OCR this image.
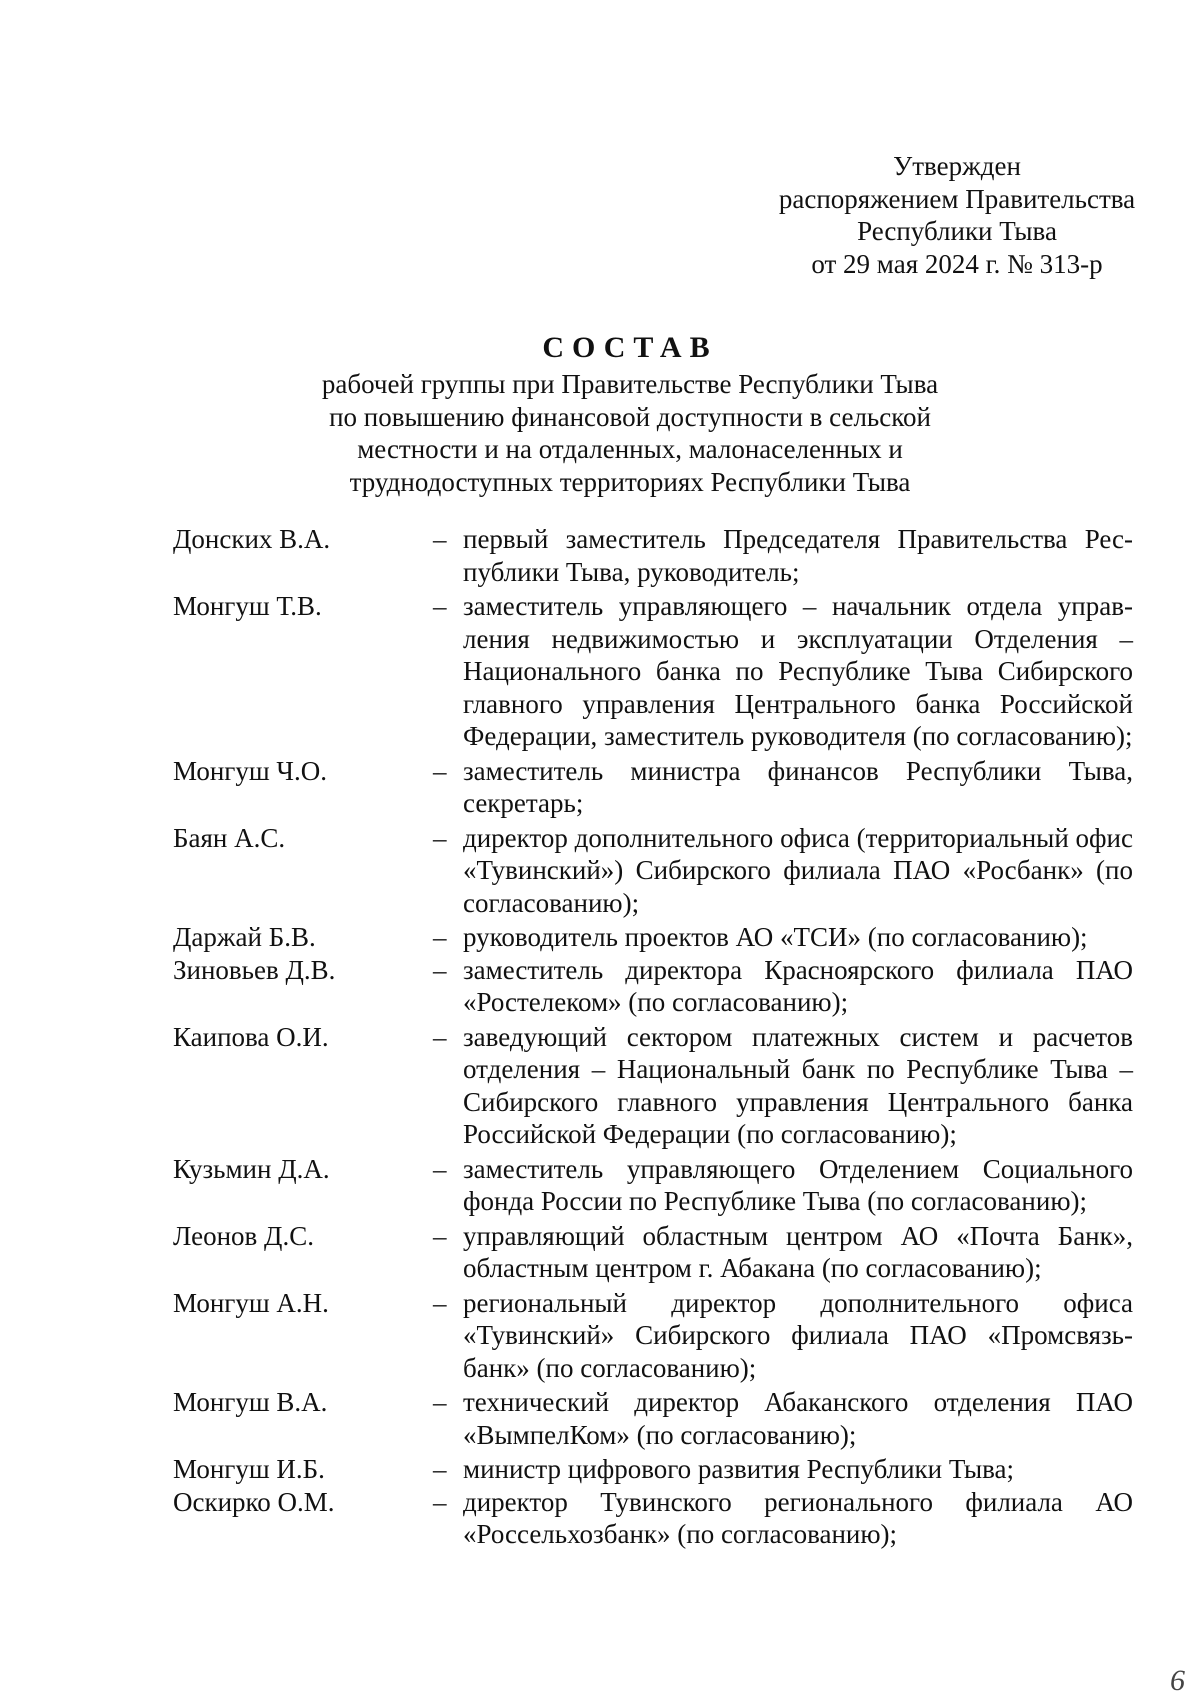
Утвержден
распоряжением Правительства
Республики Тыва
от 29 мая 2024 г. № 313-р
СОСТАВ
рабочей группы при Правительстве Республики Тыва
по повышению финансовой доступности в сельской
местности и на отдаленных, малонаселенных и
труднодоступных территориях Республики Тыва
Донских В.А.	– первый заместитель Председателя Правительства Республики Тыва, руководитель;
Монгуш Т.В.	– заместитель управляющего – начальник отдела управления недвижимостью и эксплуатации Отделения – Национального банка по Республике Тыва Сибирского главного управления Центрального банка Российской Федерации, заместитель руководителя (по согласованию);
Монгуш Ч.О.	– заместитель министра финансов Республики Тыва, секретарь;
Баян А.С.	– директор дополнительного офиса (территориальный офис «Тувинский») Сибирского филиала ПАО «Росбанк» (по согласованию);
Даржай Б.В.	– руководитель проектов АО «ТСИ» (по согласованию);
Зиновьев Д.В.	– заместитель директора Красноярского филиала ПАО «Ростелеком» (по согласованию);
Каипова О.И.	– заведующий сектором платежных систем и расчетов отделения – Национальный банк по Республике Тыва – Сибирского главного управления Центрального банка Российской Федерации (по согласованию);
Кузьмин Д.А.	– заместитель управляющего Отделением Социального фонда России по Республике Тыва (по согласованию);
Леонов Д.С.	– управляющий областным центром АО «Почта Банк», областным центром г. Абакана (по согласованию);
Монгуш А.Н.	– региональный директор дополнительного офиса «Тувинский» Сибирского филиала ПАО «Промсвязьбанк» (по согласованию);
Монгуш В.А.	– технический директор Абаканского отделения ПАО «ВымпелКом» (по согласованию);
Монгуш И.Б.	– министр цифрового развития Республики Тыва;
Оскирко О.М.	– директор Тувинского регионального филиала АО «Россельхозбанк» (по согласованию);
6
